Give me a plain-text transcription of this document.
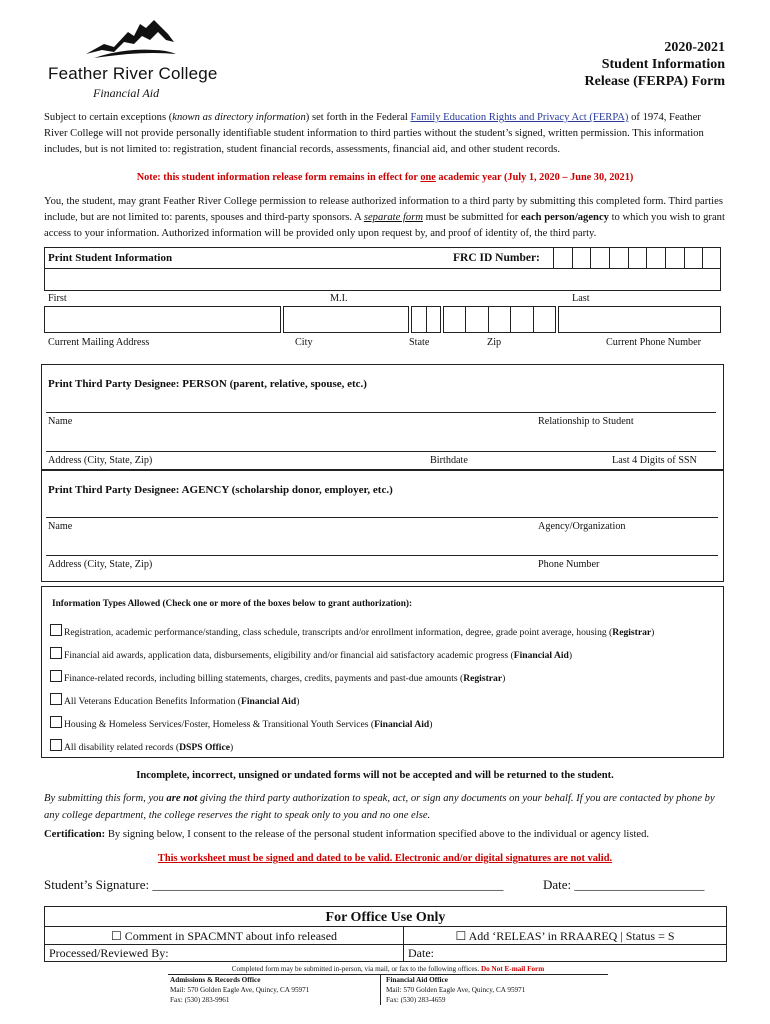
Feather River College
Financial Aid
2020-2021
Student Information
Release (FERPA) Form
Subject to certain exceptions (known as directory information) set forth in the Federal Family Education Rights and Privacy Act (FERPA) of 1974, Feather River College will not provide personally identifiable student information to third parties without the student’s signed, written permission. This information includes, but is not limited to: registration, student financial records, assessments, financial aid, and other student records.
Note: this student information release form remains in effect for one academic year (July 1, 2020 – June 30, 2021)
You, the student, may grant Feather River College permission to release authorized information to a third party by submitting this completed form. Third parties include, but are not limited to: parents, spouses and third-party sponsors. A separate form must be submitted for each person/agency to which you wish to grant access to your information. Authorized information will be provided only upon request by, and proof of identity of, the third party.
Print Student Information	FRC ID Number:
First	M.I.	Last
Current Mailing Address	City	State	Zip	Current Phone Number
Print Third Party Designee: PERSON (parent, relative, spouse, etc.)
Name	Relationship to Student
Address (City, State, Zip)	Birthdate	Last 4 Digits of SSN
Print Third Party Designee: AGENCY (scholarship donor, employer, etc.)
Name	Agency/Organization
Address (City, State, Zip)	Phone Number
Information Types Allowed (Check one or more of the boxes below to grant authorization):
Registration, academic performance/standing, class schedule, transcripts and/or enrollment information, degree, grade point average, housing (Registrar)
Financial aid awards, application data, disbursements, eligibility and/or financial aid satisfactory academic progress (Financial Aid)
Finance-related records, including billing statements, charges, credits, payments and past-due amounts (Registrar)
All Veterans Education Benefits Information (Financial Aid)
Housing & Homeless Services/Foster, Homeless & Transitional Youth Services (Financial Aid)
All disability related records (DSPS Office)
Incomplete, incorrect, unsigned or undated forms will not be accepted and will be returned to the student.
By submitting this form, you are not giving the third party authorization to speak, act, or sign any documents on your behalf. If you are contacted by phone by any college department, the college reserves the right to speak only to you and no one else.
Certification: By signing below, I consent to the release of the personal student information specified above to the individual or agency listed.
This worksheet must be signed and dated to be valid. Electronic and/or digital signatures are not valid.
Student’s Signature: ______________________________________________________	Date: ____________________
For Office Use Only
☐ Comment in SPACMNT about info released	☐ Add ‘RELEAS’ in RRAAREQ | Status = S
Processed/Reviewed By:	Date:
Completed form may be submitted in-person, via mail, or fax to the following offices. Do Not E-mail Form
Admissions & Records Office
Mail: 570 Golden Eagle Ave, Quincy, CA 95971
Fax: (530) 283-9961
Financial Aid Office
Mail: 570 Golden Eagle Ave, Quincy, CA 95971
Fax: (530) 283-4659
